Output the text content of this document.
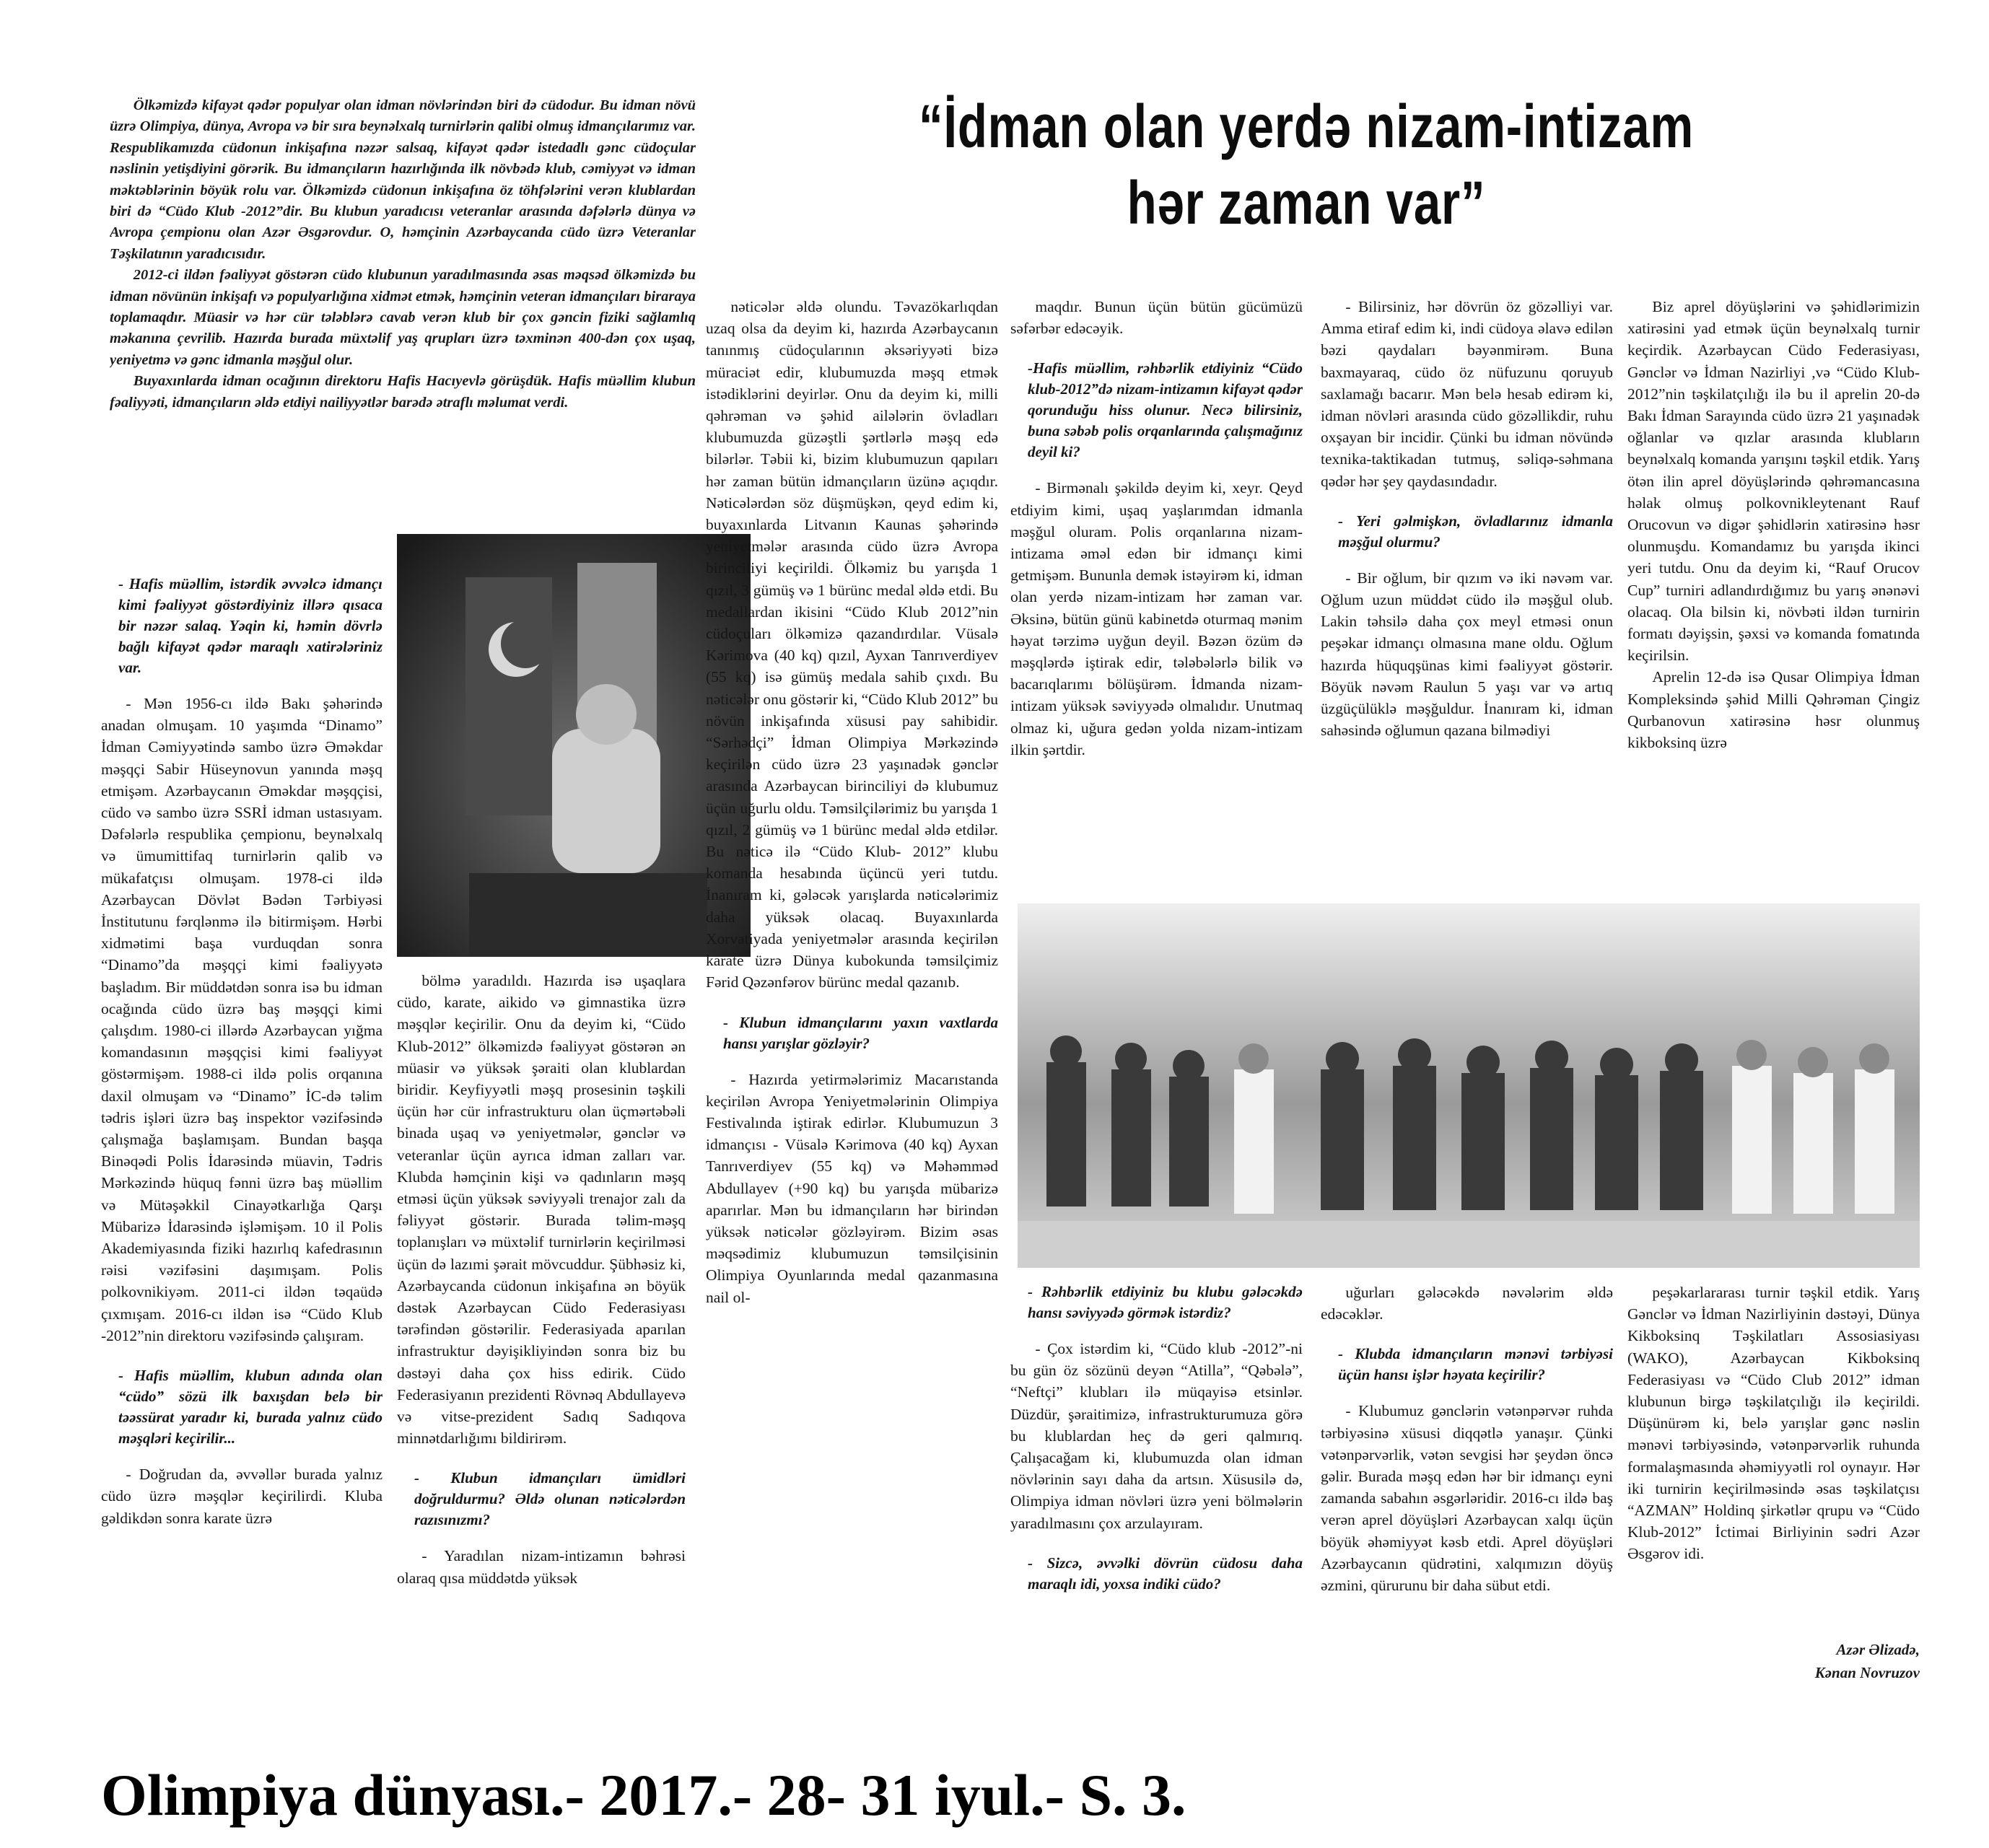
Ölkəmizdə kifayət qədər populyar olan idman növlərindən biri də cüdodur. Bu idman növü üzrə Olimpiya, dünya, Avropa və bir sıra beynəlxalq turnirlərin qalibi olmuş idmançılarımız var. Respublikamızda cüdonun inkişafına nəzər salsaq, kifayət qədər istedadlı gənc cüdoçular nəslinin yetişdiyini görərik. Bu idmançıların hazırlığında ilk növbədə klub, cəmiyyət və idman məktəblərinin böyük rolu var. Ölkəmizdə cüdonun inkişafına öz töhfələrini verən klublardan biri də “Cüdo Klub -2012”dir. Bu klubun yaradıcısı veteranlar arasında dəfələrlə dünya və Avropa çempionu olan Azər Əsgərovdur. O, həmçinin Azərbaycanda cüdo üzrə Veteranlar Təşkilatının yaradıcısıdır.

2012-ci ildən fəaliyyət göstərən cüdo klubunun yaradılmasında əsas məqsəd ölkəmizdə bu idman növünün inkişafı və populyarlığına xidmət etmək, həmçinin veteran idmançıları biraraya toplamaqdır. Müasir və hər cür tələblərə cavab verən klub bir çox gəncin fiziki sağlamlıq məkanına çevrilib. Hazırda burada müxtəlif yaş qrupları üzrə təxminən 400-dən çox uşaq, yeniyetmə və gənc idmanla məşğul olur.

Buyaxınlarda idman ocağının direktoru Hafis Hacıyevlə görüşdük. Hafis müəllim klubun fəaliyyəti, idmançıların əldə etdiyi nailiyyətlər barədə ətraflı məlumat verdi.

“İdman olan yerdə nizam-intizam
hər zaman var”

- Hafis müəllim, istərdik əvvəlcə idmançı kimi fəaliyyət göstərdiyiniz illərə qısaca bir nəzər salaq. Yəqin ki, həmin dövrlə bağlı kifayət qədər maraqlı xatirələriniz var.

- Mən 1956-cı ildə Bakı şəhərində anadan olmuşam. 10 yaşımda “Dinamo” İdman Cəmiyyətində sambo üzrə Əməkdar məşqçi Sabir Hüseynovun yanında məşq etmişəm. Azərbaycanın Əməkdar məşqçisi, cüdo və sambo üzrə SSRİ idman ustasıyam. Dəfələrlə respublika çempionu, beynəlxalq və ümumittifaq turnirlərin qalib və mükafatçısı olmuşam. 1978-ci ildə Azərbaycan Dövlət Bədən Tərbiyəsi İnstitutunu fərqlənmə ilə bitirmişəm. Hərbi xidmətimi başa vurduqdan sonra “Dinamo”da məşqçi kimi fəaliyyətə başladım. Bir müddətdən sonra isə bu idman ocağında cüdo üzrə baş məşqçi kimi çalışdım. 1980-ci illərdə Azərbaycan yığma komandasının məşqçisi kimi fəaliyyət göstərmişəm. 1988-ci ildə polis orqanına daxil olmuşam və “Dinamo” İC-də təlim tədris işləri üzrə baş inspektor vəzifəsində çalışmağa başlamışam. Bundan başqa Binəqədi Polis İdarəsində müavin, Tədris Mərkəzində hüquq fənni üzrə baş müəllim və Mütəşəkkil Cinayətkarlığa Qarşı Mübarizə İdarəsində işləmişəm. 10 il Polis Akademiyasında fiziki hazırlıq kafedrasının rəisi vəzifəsini daşımışam. Polis polkovnikiyəm. 2011-ci ildən təqaüdə çıxmışam. 2016-cı ildən isə “Cüdo Klub -2012”nin direktoru vəzifəsində çalışıram.

- Hafis müəllim, klubun adında olan “cüdo” sözü ilk baxışdan belə bir təəssürat yaradır ki, burada yalnız cüdo məşqləri keçirilir...

- Doğrudan da, əvvəllər burada yalnız cüdo üzrə məşqlər keçirilirdi. Kluba gəldikdən sonra karate üzrə

bölmə yaradıldı. Hazırda isə uşaqlara cüdo, karate, aikido və gimnastika üzrə məşqlər keçirilir. Onu da deyim ki, “Cüdo Klub-2012” ölkəmizdə fəaliyyət göstərən ən müasir və yüksək şəraiti olan klublardan biridir. Keyfiyyətli məşq prosesinin təşkili üçün hər cür infrastrukturu olan üçmərtəbəli binada uşaq və yeniyetmələr, gənclər və veteranlar üçün ayrıca idman zalları var. Klubda həmçinin kişi və qadınların məşq etməsi üçün yüksək səviyyəli trenajor zalı da fəliyyət göstərir. Burada təlim-məşq toplanışları və müxtəlif turnirlərin keçirilməsi üçün də lazımi şərait mövcuddur. Şübhəsiz ki, Azərbaycanda cüdonun inkişafına ən böyük dəstək Azərbaycan Cüdo Federasiyası tərəfindən göstərilir. Federasiyada aparılan infrastruktur dəyişikliyindən sonra biz bu dəstəyi daha çox hiss edirik. Cüdo Federasiyanın prezidenti Rövnəq Abdullayevə və vitse-prezident Sadıq Sadıqova minnətdarlığımı bildirirəm.

- Klubun idmançıları ümidləri doğruldurmu? Əldə olunan nəticələrdən razısınızmı?

- Yaradılan nizam-intizamın bəhrəsi olaraq qısa müddətdə yüksək

nəticələr əldə olundu. Təvazökarlıqdan uzaq olsa da deyim ki, hazırda Azərbaycanın tanınmış cüdoçularının əksəriyyəti bizə müraciət edir, klubumuzda məşq etmək istədiklərini deyirlər. Onu da deyim ki, milli qəhrəman və şəhid ailələrin övladları klubumuzda güzəştli şərtlərlə məşq edə bilərlər. Təbii ki, bizim klubumuzun qapıları hər zaman bütün idmançıların üzünə açıqdır. Nəticələrdən söz düşmüşkən, qeyd edim ki, buyaxınlarda Litvanın Kaunas şəhərində yeniyetmələr arasında cüdo üzrə Avropa birinciliyi keçirildi. Ölkəmiz bu yarışda 1 qızıl, 3 gümüş və 1 bürünc medal əldə etdi. Bu medallardan ikisini “Cüdo Klub 2012”nin cüdoçuları ölkəmizə qazandırdılar. Vüsalə Kərimova (40 kq) qızıl, Ayxan Tanrıverdiyev (55 kq) isə gümüş medala sahib çıxdı. Bu nəticələr onu göstərir ki, “Cüdo Klub 2012” bu növün inkişafında xüsusi pay sahibidir. “Sərhədçi” İdman Olimpiya Mərkəzində keçirilən cüdo üzrə 23 yaşınadək gənclər arasında Azərbaycan birinciliyi də klubumuz üçün uğurlu oldu. Təmsilçilərimiz bu yarışda 1 qızıl, 2 gümüş və 1 bürünc medal əldə etdilər. Bu nəticə ilə “Cüdo Klub- 2012” klubu komanda hesabında üçüncü yeri tutdu. İnanıram ki, gələcək yarışlarda nəticələrimiz daha yüksək olacaq. Buyaxınlarda Xorvatiyada yeniyetmələr arasında keçirilən karate üzrə Dünya kubokunda təmsilçimiz Fərid Qəzənfərov bürünc medal qazanıb.

- Klubun idmançılarını yaxın vaxtlarda hansı yarışlar gözləyir?

- Hazırda yetirmələrimiz Macarıstanda keçirilən Avropa Yeniyetmələrinin Olimpiya Festivalında iştirak edirlər. Klubumuzun 3 idmançısı - Vüsalə Kərimova (40 kq) Ayxan Tanrıverdiyev (55 kq) və Məhəmməd Abdullayev (+90 kq) bu yarışda mübarizə aparırlar. Mən bu idmançıların hər birindən yüksək nəticələr gözləyirəm. Bizim əsas məqsədimiz klubumuzun təmsilçisinin Olimpiya Oyunlarında medal qazanmasına nail ol-

maqdır. Bunun üçün bütün gücümüzü səfərbər edəcəyik.

-Hafis müəllim, rəhbərlik etdiyiniz “Cüdo klub-2012”də nizam-intizamın kifayət qədər qorunduğu hiss olunur. Necə bilirsiniz, buna səbəb polis orqanlarında çalışmağınız deyil ki?

- Birmənalı şəkildə deyim ki, xeyr. Qeyd etdiyim kimi, uşaq yaşlarımdan idmanla məşğul oluram. Polis orqanlarına nizam-intizama əməl edən bir idmançı kimi getmişəm. Bununla demək istəyirəm ki, idman olan yerdə nizam-intizam hər zaman var. Əksinə, bütün günü kabinetdə oturmaq mənim həyat tərzimə uyğun deyil. Bəzən özüm də məşqlərdə iştirak edir, tələbələrlə bilik və bacarıqlarımı bölüşürəm. İdmanda nizam-intizam yüksək səviyyədə olmalıdır. Unutmaq olmaz ki, uğura gedən yolda nizam-intizam ilkin şərtdir.

- Bilirsiniz, hər dövrün öz gözəlliyi var. Amma etiraf edim ki, indi cüdoya əlavə edilən bəzi qaydaları bəyənmirəm. Buna baxmayaraq, cüdo öz nüfuzunu qoruyub saxlamağı bacarır. Mən belə hesab edirəm ki, idman növləri arasında cüdo gözəllikdir, ruhu oxşayan bir incidir. Çünki bu idman növündə texnika-taktikadan tutmuş, səliqə-səhmana qədər hər şey qaydasındadır.

- Yeri gəlmişkən, övladlarınız idmanla məşğul olurmu?

- Bir oğlum, bir qızım və iki nəvəm var. Oğlum uzun müddət cüdo ilə məşğul olub. Lakin təhsilə daha çox meyl etməsi onun peşəkar idmançı olmasına mane oldu. Oğlum hazırda hüquqşünas kimi fəaliyyət göstərir. Böyük nəvəm Raulun 5 yaşı var və artıq üzgüçülüklə məşğuldur. İnanıram ki, idman sahəsində oğlumun qazana bilmədiyi

Biz aprel döyüşlərini və şəhidlərimizin xatirəsini yad etmək üçün beynəlxalq turnir keçirdik. Azərbaycan Cüdo Federasiyası, Gənclər və İdman Nazirliyi ,və “Cüdo Klub-2012”nin təşkilatçılığı ilə bu il aprelin 20-də Bakı İdman Sarayında cüdo üzrə 21 yaşınadək oğlanlar və qızlar arasında klubların beynəlxalq komanda yarışını təşkil etdik. Yarış ötən ilin aprel döyüşlərində qəhrəmancasına həlak olmuş polkovnikleytenant Rauf Orucovun və digər şəhidlərin xatirəsinə həsr olunmuşdu. Komandamız bu yarışda ikinci yeri tutdu. Onu da deyim ki, “Rauf Orucov Cup” turniri adlandırdığımız bu yarış ənənəvi olacaq. Ola bilsin ki, növbəti ildən turnirin formatı dəyişsin, şəxsi və komanda fomatında keçirilsin.

Aprelin 12-də isə Qusar Olimpiya İdman Kompleksində şəhid Milli Qəhrəman Çingiz Qurbanovun xatirəsinə həsr olunmuş kikboksinq üzrə

- Rəhbərlik etdiyiniz bu klubu gələcəkdə hansı səviyyədə görmək istərdiz?

- Çox istərdim ki, “Cüdo klub -2012”-ni bu gün öz sözünü deyən “Atilla”, “Qəbələ”, “Neftçi” klubları ilə müqayisə etsinlər. Düzdür, şəraitimizə, infrastrukturumuza görə bu klublardan heç də geri qalmırıq. Çalışacağam ki, klubumuzda olan idman növlərinin sayı daha da artsın. Xüsusilə də, Olimpiya idman növləri üzrə yeni bölmələrin yaradılmasını çox arzulayıram.

- Sizcə, əvvəlki dövrün cüdosu daha maraqlı idi, yoxsa indiki cüdo?

uğurları gələcəkdə nəvələrim əldə edəcəklər.

- Klubda idmançıların mənəvi tərbiyəsi üçün hansı işlər həyata keçirilir?

- Klubumuz gənclərin vətənpərvər ruhda tərbiyəsinə xüsusi diqqətlə yanaşır. Çünki vətənpərvərlik, vətən sevgisi hər şeydən öncə gəlir. Burada məşq edən hər bir idmançı eyni zamanda sabahın əsgərləridir. 2016-cı ildə baş verən aprel döyüşləri Azərbaycan xalqı üçün böyük əhəmiyyət kəsb etdi. Aprel döyüşləri Azərbaycanın qüdrətini, xalqımızın döyüş əzmini, qürurunu bir daha sübut etdi.

peşəkarlararası turnir təşkil etdik. Yarış Gənclər və İdman Nazirliyinin dəstəyi, Dünya Kikboksinq Təşkilatları Assosiasiyası (WAKO), Azərbaycan Kikboksinq Federasiyası və “Cüdo Club 2012” idman klubunun birgə təşkilatçılığı ilə keçirildi. Düşünürəm ki, belə yarışlar gənc nəslin mənəvi tərbiyəsində, vətənpərvərlik ruhunda formalaşmasında əhəmiyyətli rol oynayır. Hər iki turnirin keçirilməsində əsas təşkilatçısı “AZMAN” Holdinq şirkətlər qrupu və “Cüdo Klub-2012” İctimai Birliyinin sədri Azər Əsgərov idi.

Azər Əlizadə,
Kənan Novruzov
Olimpiya dünyası.- 2017.- 28- 31 iyul.- S. 3.
